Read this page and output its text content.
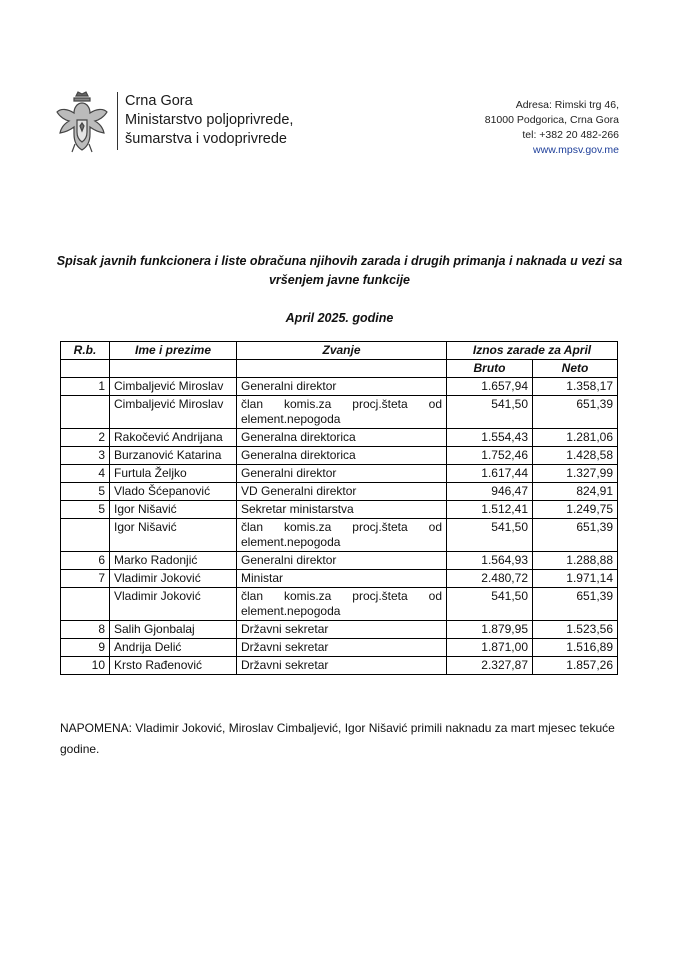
Crna Gora
Ministarstvo poljoprivrede,
šumarstva i vodoprivrede
Adresa: Rimski trg 46,
81000 Podgorica, Crna Gora
tel: +382 20 482-266
www.mpsv.gov.me
Spisak javnih funkcionera i liste obračuna njihovih zarada i drugih primanja i naknada u vezi sa vršenjem javne funkcije
April 2025. godine
R.b.	Ime i prezime	Zvanje	Iznos zarade za April	
			Bruto	Neto
1	Cimbaljević Miroslav	Generalni direktor	1.657,94	1.358,17
	Cimbaljević Miroslav	član komis.za procj.šteta od element.nepogoda	541,50	651,39
2	Rakočević Andrijana	Generalna direktorica	1.554,43	1.281,06
3	Burzanović Katarina	Generalna direktorica	1.752,46	1.428,58
4	Furtula Željko	Generalni direktor	1.617,44	1.327,99
5	Vlado Šćepanović	VD Generalni direktor	946,47	824,91
5	Igor Nišavić	Sekretar ministarstva	1.512,41	1.249,75
	Igor Nišavić	član komis.za procj.šteta od element.nepogoda	541,50	651,39
6	Marko Radonjić	Generalni direktor	1.564,93	1.288,88
7	Vladimir Joković	Ministar	2.480,72	1.971,14
	Vladimir Joković	član komis.za procj.šteta od element.nepogoda	541,50	651,39
8	Salih Gjonbalaj	Državni sekretar	1.879,95	1.523,56
9	Andrija Delić	Državni sekretar	1.871,00	1.516,89
10	Krsto Rađenović	Državni sekretar	2.327,87	1.857,26
NAPOMENA: Vladimir Joković, Miroslav Cimbaljević, Igor Nišavić primili naknadu za mart mjesec tekuće godine.
